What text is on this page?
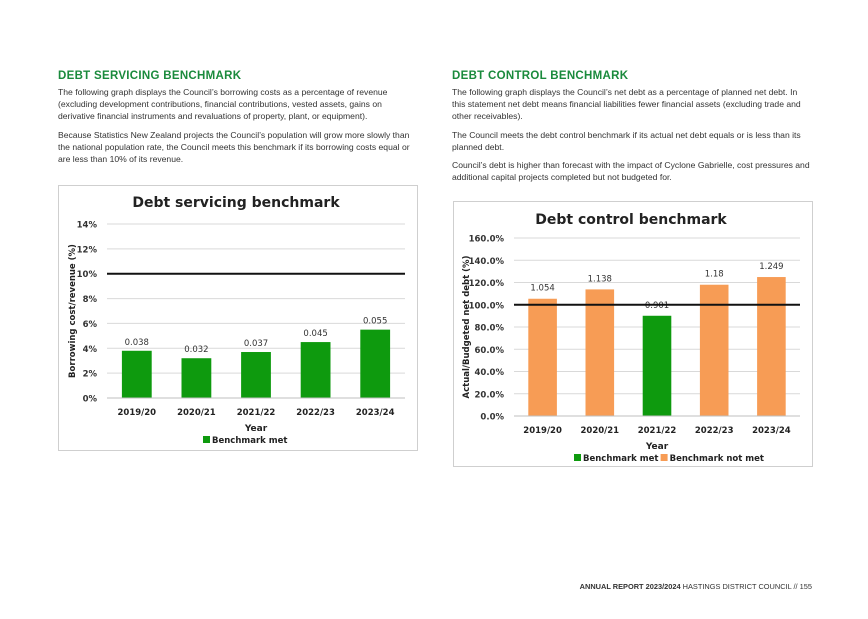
DEBT SERVICING BENCHMARK

The following graph displays the Council’s borrowing costs as a percentage of revenue (excluding development contributions, financial contributions, vested assets, gains on derivative financial instruments and revaluations of property, plant, or equipment).

Because Statistics New Zealand projects the Council’s population will grow more slowly than the national population rate, the Council meets this benchmark if its borrowing costs equal or are less than 10% of its revenue.

DEBT CONTROL BENCHMARK

The following graph displays the Council’s net debt as a percentage of planned net debt. In this statement net debt means financial liabilities fewer financial assets (excluding trade and other receivables).

The Council meets the debt control benchmark if its actual net debt equals or is less than its planned debt.

Council’s debt is higher than forecast with the impact of Cyclone Gabrielle, cost pressures and additional capital projects completed but not budgeted for.

Debt servicing benchmark
0%
2%
4%
6%
8%
10%
12%
14%
0.038
2019/20
0.032
2020/21
0.037
2021/22
0.045
2022/23
0.055
2023/24
Year
Borrowing cost/revenue (%)
Benchmark met
Debt control benchmark
0.0%
20.0%
40.0%
60.0%
80.0%
100.0%
120.0%
140.0%
160.0%
1.054
2019/20
1.138
2020/21
0.901
2021/22
1.18
2022/23
1.249
2023/24
Year
Actual/Budgeted net debt (%)
Benchmark met Benchmark not met
ANNUAL REPORT 2023/2024 HASTINGS DISTRICT COUNCIL // 155
